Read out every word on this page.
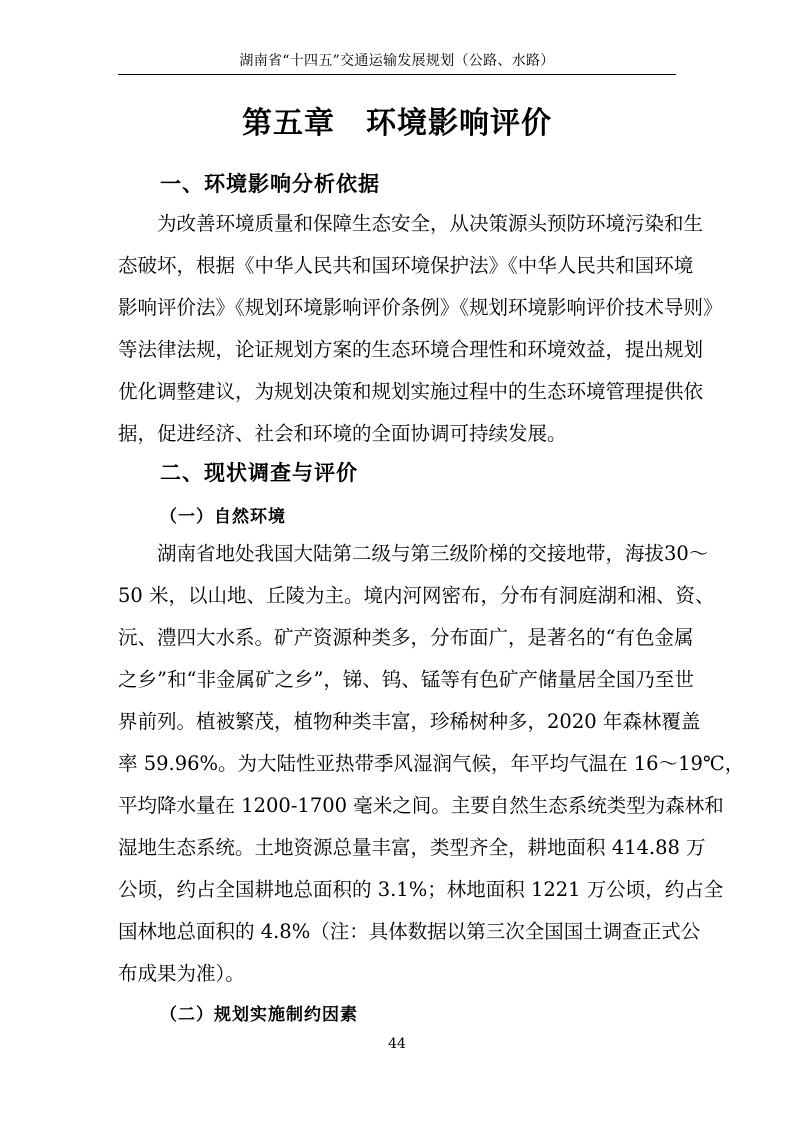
湖南省“十四五”交通运输发展规划（公路、水路）
第五章　环境影响评价
一、环境影响分析依据
　　为改善环境质量和保障生态安全，从决策源头预防环境污染和生
态破坏，根据《中华人民共和国环境保护法》《中华人民共和国环境
影响评价法》《规划环境影响评价条例》《规划环境影响评价技术导则》
等法律法规，论证规划方案的生态环境合理性和环境效益，提出规划
优化调整建议，为规划决策和规划实施过程中的生态环境管理提供依
据，促进经济、社会和环境的全面协调可持续发展。
二、现状调查与评价
（一）自然环境
　　湖南省地处我国大陆第二级与第三级阶梯的交接地带，海拔30～
50 米，以山地、丘陵为主。境内河网密布，分布有洞庭湖和湘、资、
沅、澧四大水系。矿产资源种类多，分布面广，是著名的“有色金属
之乡”和“非金属矿之乡”，锑、钨、锰等有色矿产储量居全国乃至世
界前列。植被繁茂，植物种类丰富，珍稀树种多，2020 年森林覆盖
率 59.96%。为大陆性亚热带季风湿润气候，年平均气温在 16～19℃，
平均降水量在 1200-1700 毫米之间。主要自然生态系统类型为森林和
湿地生态系统。土地资源总量丰富，类型齐全，耕地面积 414.88 万
公顷，约占全国耕地总面积的 3.1%；林地面积 1221 万公顷，约占全
国林地总面积的 4.8%（注：具体数据以第三次全国国土调查正式公
布成果为准）。
（二）规划实施制约因素
44
